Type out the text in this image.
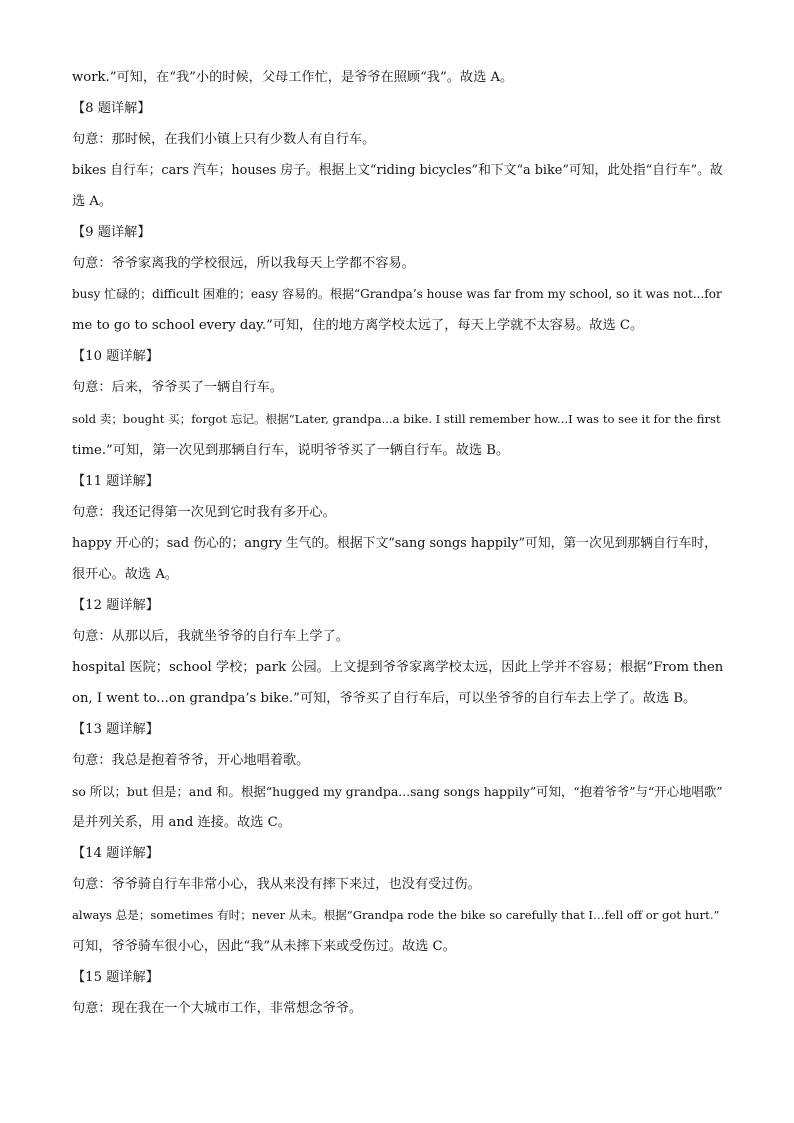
work.”可知，在“我”小的时候，父母工作忙，是爷爷在照顾“我”。故选 A。
【8 题详解】
句意：那时候，在我们小镇上只有少数人有自行车。
bikes 自行车；cars 汽车；houses 房子。根据上文“riding bicycles”和下文“a bike”可知，此处指“自行车”。故
选 A。
【9 题详解】
句意：爷爷家离我的学校很远，所以我每天上学都不容易。
busy 忙碌的；difficult 困难的；easy 容易的。根据“Grandpa’s house was far from my school, so it was not...for
me to go to school every day.”可知，住的地方离学校太远了，每天上学就不太容易。故选 C。
【10 题详解】
句意：后来，爷爷买了一辆自行车。
sold 卖；bought 买；forgot 忘记。根据“Later, grandpa...a bike. I still remember how...I was to see it for the first
time.”可知，第一次见到那辆自行车，说明爷爷买了一辆自行车。故选 B。
【11 题详解】
句意：我还记得第一次见到它时我有多开心。
happy 开心的；sad 伤心的；angry 生气的。根据下文“sang songs happily”可知，第一次见到那辆自行车时，
很开心。故选 A。
【12 题详解】
句意：从那以后，我就坐爷爷的自行车上学了。
hospital 医院；school 学校；park 公园。上文提到爷爷家离学校太远，因此上学并不容易；根据“From then
on, I went to...on grandpa’s bike.”可知，爷爷买了自行车后，可以坐爷爷的自行车去上学了。故选 B。
【13 题详解】
句意：我总是抱着爷爷，开心地唱着歌。
so 所以；but 但是；and 和。根据“hugged my grandpa...sang songs happily”可知，“抱着爷爷”与“开心地唱歌”
是并列关系，用 and 连接。故选 C。
【14 题详解】
句意：爷爷骑自行车非常小心，我从来没有摔下来过，也没有受过伤。
always 总是；sometimes 有时；never 从未。根据“Grandpa rode the bike so carefully that I…fell off or got hurt.”
可知，爷爷骑车很小心，因此“我”从未摔下来或受伤过。故选 C。
【15 题详解】
句意：现在我在一个大城市工作，非常想念爷爷。
